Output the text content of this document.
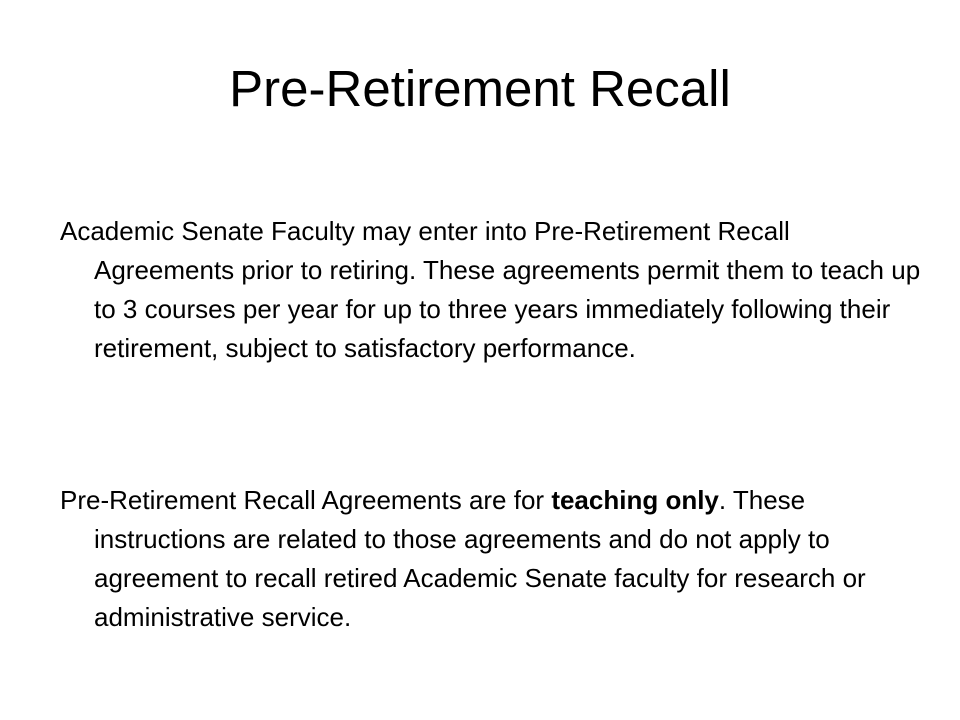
Pre-Retirement Recall

Academic Senate Faculty may enter into Pre-Retirement Recall Agreements prior to retiring. These agreements permit them to teach up to 3 courses per year for up to three years immediately following their retirement, subject to satisfactory performance.

Pre-Retirement Recall Agreements are for teaching only. These instructions are related to those agreements and do not apply to agreement to recall retired Academic Senate faculty for research or administrative service.
